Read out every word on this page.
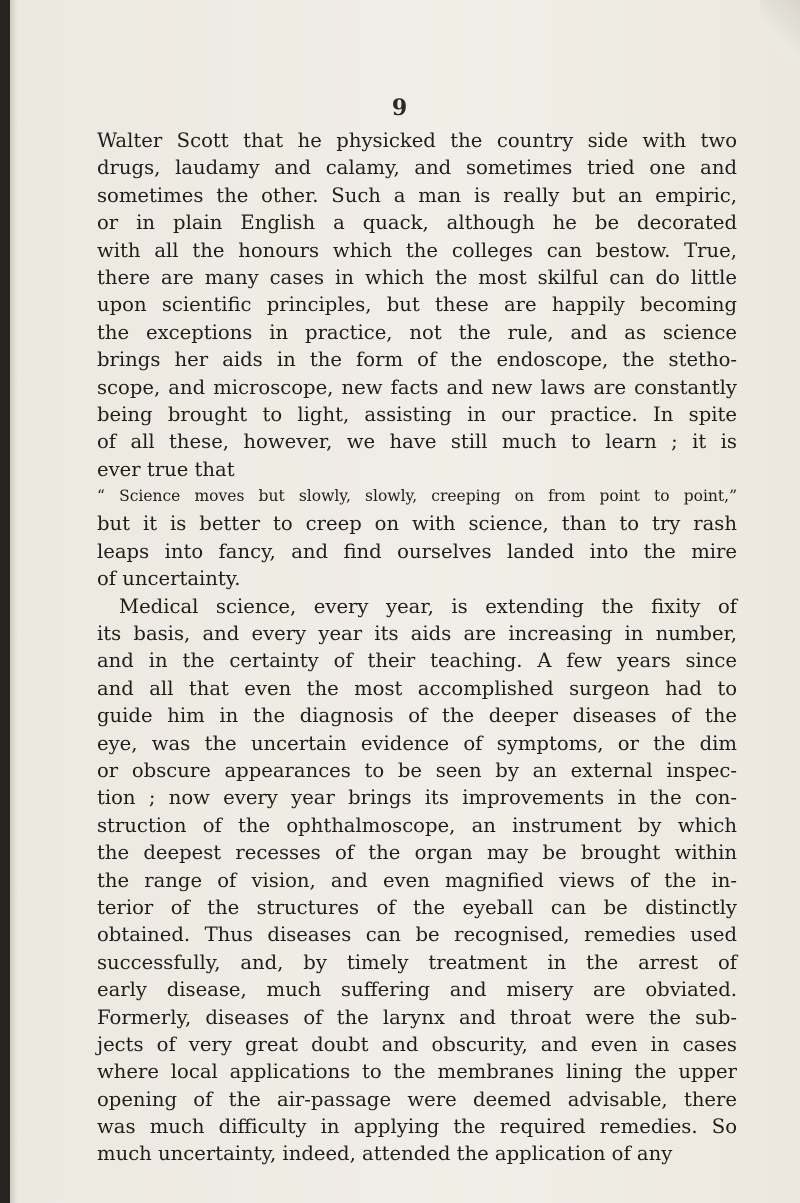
9
Walter Scott that he physicked the country side with two
drugs, laudamy and calamy, and sometimes tried one and
sometimes the other. Such a man is really but an empiric,
or in plain English a quack, although he be decorated
with all the honours which the colleges can bestow. True,
there are many cases in which the most skilful can do little
upon scientific principles, but these are happily becoming
the exceptions in practice, not the rule, and as science
brings her aids in the form of the endoscope, the stetho-
scope, and microscope, new facts and new laws are constantly
being brought to light, assisting in our practice. In spite
of all these, however, we have still much to learn ; it is
ever true that
“ Science moves but slowly, slowly, creeping on from point to point,”
but it is better to creep on with science, than to try rash
leaps into fancy, and find ourselves landed into the mire
of uncertainty.
Medical science, every year, is extending the fixity of
its basis, and every year its aids are increasing in number,
and in the certainty of their teaching. A few years since
and all that even the most accomplished surgeon had to
guide him in the diagnosis of the deeper diseases of the
eye, was the uncertain evidence of symptoms, or the dim
or obscure appearances to be seen by an external inspec-
tion ; now every year brings its improvements in the con-
struction of the ophthalmoscope, an instrument by which
the deepest recesses of the organ may be brought within
the range of vision, and even magnified views of the in-
terior of the structures of the eyeball can be distinctly
obtained. Thus diseases can be recognised, remedies used
successfully, and, by timely treatment in the arrest of
early disease, much suffering and misery are obviated.
Formerly, diseases of the larynx and throat were the sub-
jects of very great doubt and obscurity, and even in cases
where local applications to the membranes lining the upper
opening of the air-passage were deemed advisable, there
was much difficulty in applying the required remedies. So
much uncertainty, indeed, attended the application of any
